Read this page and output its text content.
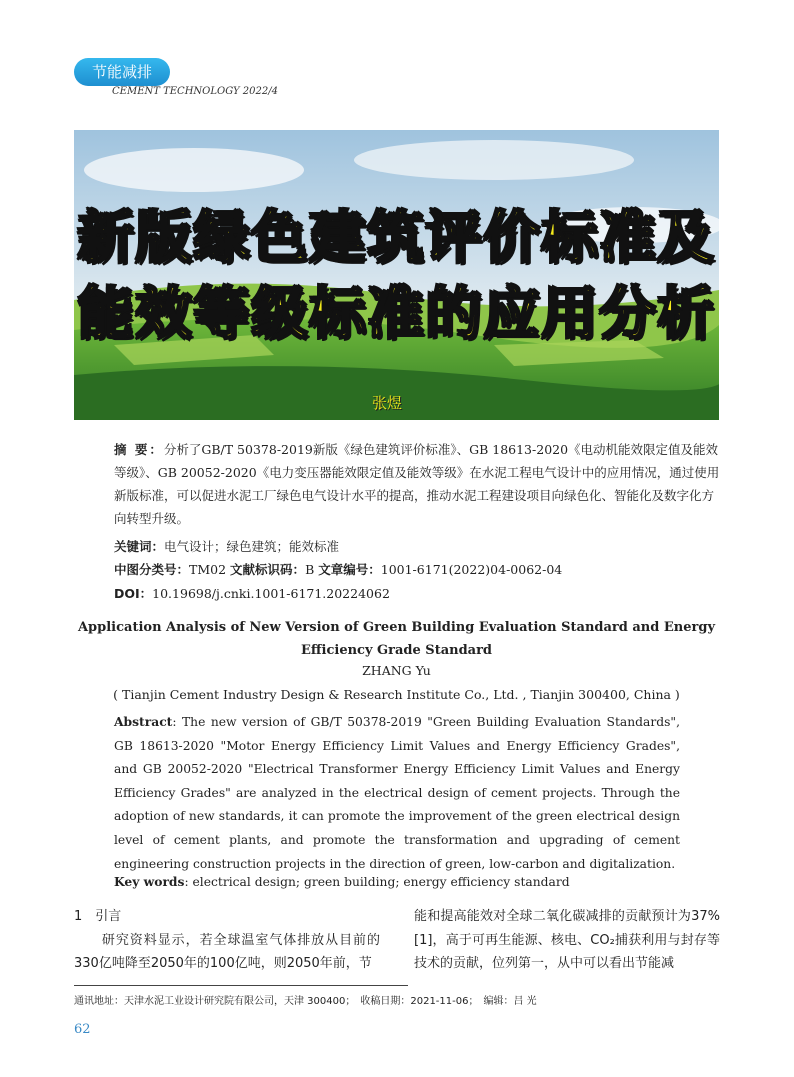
节能减排
CEMENT TECHNOLOGY 2022/4
新版绿色建筑评价标准及
能效等级标准的应用分析
张煜
摘 要：分析了GB/T 50378-2019新版《绿色建筑评价标准》、GB 18613-2020《电动机能效限定值及能效等级》、GB 20052-2020《电力变压器能效限定值及能效等级》在水泥工程电气设计中的应用情况，通过使用新版标准，可以促进水泥工厂绿色电气设计水平的提高，推动水泥工程建设项目向绿色化、智能化及数字化方向转型升级。
关键词：电气设计；绿色建筑；能效标准
中图分类号：TM02 文献标识码：B 文章编号：1001-6171(2022)04-0062-04
DOI：10.19698/j.cnki.1001-6171.20224062
Application Analysis of New Version of Green Building Evaluation Standard and Energy Efficiency Grade Standard
ZHANG Yu
( Tianjin Cement Industry Design & Research Institute Co., Ltd. , Tianjin 300400, China )
Abstract: The new version of GB/T 50378-2019 "Green Building Evaluation Standards", GB 18613-2020 "Motor Energy Efficiency Limit Values and Energy Efficiency Grades", and GB 20052-2020 "Electrical Transformer Energy Efficiency Limit Values and Energy Efficiency Grades" are analyzed in the electrical design of cement projects. Through the adoption of new standards, it can promote the improvement of the green electrical design level of cement plants, and promote the transformation and upgrading of cement engineering construction projects in the direction of green, low-carbon and digitalization.
Key words: electrical design; green building; energy efficiency standard
1　引言
　　研究资料显示，若全球温室气体排放从目前的330亿吨降至2050年的100亿吨，则2050年前，节
能和提高能效对全球二氧化碳减排的贡献预计为37%[1]，高于可再生能源、核电、CO₂捕获利用与封存等技术的贡献，位列第一，从中可以看出节能减
通讯地址：天津水泥工业设计研究院有限公司，天津 300400；　收稿日期：2021-11-06；　编辑：吕 光
62
